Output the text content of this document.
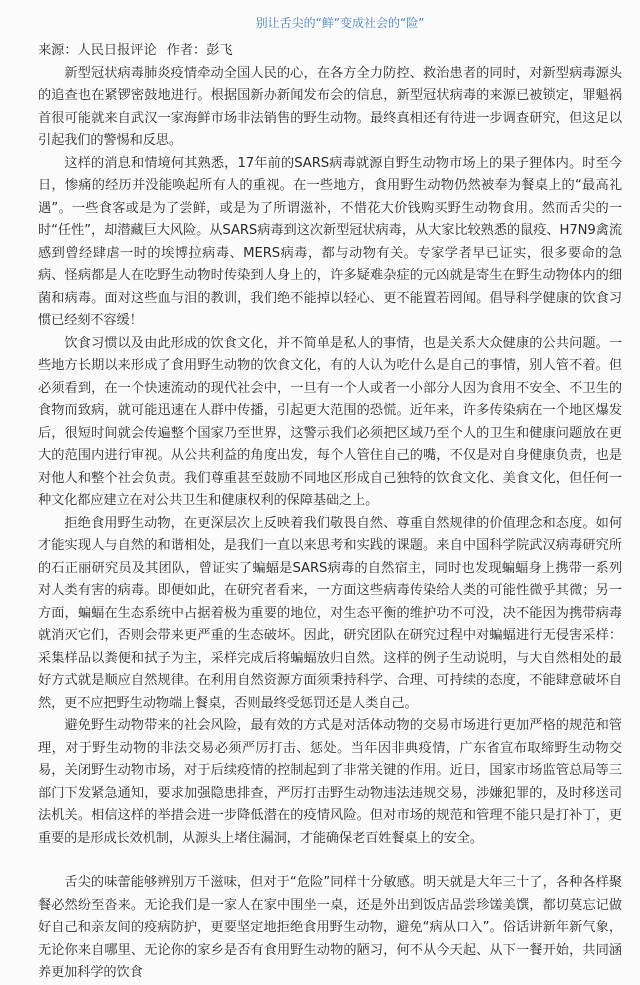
别让舌尖的“鲜”变成社会的“险”
来源：人民日报评论 作者：彭飞

新型冠状病毒肺炎疫情牵动全国人民的心，在各方全力防控、救治患者的同时，对新型病毒源头的追查也在紧锣密鼓地进行。根据国新办新闻发布会的信息，新型冠状病毒的来源已被锁定，罪魁祸首很可能就来自武汉一家海鲜市场非法销售的野生动物。最终真相还有待进一步调查研究，但这足以引起我们的警惕和反思。

这样的消息和情境何其熟悉，17年前的SARS病毒就源自野生动物市场上的果子狸体内。时至今日，惨痛的经历并没能唤起所有人的重视。在一些地方，食用野生动物仍然被奉为餐桌上的“最高礼遇”。一些食客或是为了尝鲜，或是为了所谓滋补，不惜花大价钱购买野生动物食用。然而舌尖的一时“任性”，却潜藏巨大风险。从SARS病毒到这次新型冠状病毒，从大家比较熟悉的鼠疫、H7N9禽流感到曾经肆虐一时的埃博拉病毒、MERS病毒，都与动物有关。专家学者早已证实，很多要命的急病、怪病都是人在吃野生动物时传染到人身上的，许多疑难杂症的元凶就是寄生在野生动物体内的细菌和病毒。面对这些血与泪的教训，我们绝不能掉以轻心、更不能置若罔闻。倡导科学健康的饮食习惯已经刻不容缓！

饮食习惯以及由此形成的饮食文化，并不简单是私人的事情，也是关系大众健康的公共问题。一些地方长期以来形成了食用野生动物的饮食文化，有的人认为吃什么是自己的事情，别人管不着。但必须看到，在一个快速流动的现代社会中，一旦有一个人或者一小部分人因为食用不安全、不卫生的食物而致病，就可能迅速在人群中传播，引起更大范围的恐慌。近年来，许多传染病在一个地区爆发后，很短时间就会传遍整个国家乃至世界，这警示我们必须把区域乃至个人的卫生和健康问题放在更大的范围内进行审视。从公共利益的角度出发，每个人管住自己的嘴，不仅是对自身健康负责，也是对他人和整个社会负责。我们尊重甚至鼓励不同地区形成自己独特的饮食文化、美食文化，但任何一种文化都应建立在对公共卫生和健康权利的保障基础之上。

拒绝食用野生动物，在更深层次上反映着我们敬畏自然、尊重自然规律的价值理念和态度。如何才能实现人与自然的和谐相处，是我们一直以来思考和实践的课题。来自中国科学院武汉病毒研究所的石正丽研究员及其团队，曾证实了蝙蝠是SARS病毒的自然宿主，同时也发现蝙蝠身上携带一系列对人类有害的病毒。即便如此，在研究者看来，一方面这些病毒传染给人类的可能性微乎其微；另一方面，蝙蝠在生态系统中占据着极为重要的地位，对生态平衡的维护功不可没，决不能因为携带病毒就消灭它们，否则会带来更严重的生态破坏。因此，研究团队在研究过程中对蝙蝠进行无侵害采样：采集样品以粪便和拭子为主，采样完成后将蝙蝠放归自然。这样的例子生动说明，与大自然相处的最好方式就是顺应自然规律。在利用自然资源方面须秉持科学、合理、可持续的态度，不能肆意破坏自然，更不应把野生动物端上餐桌，否则最终受惩罚还是人类自己。

避免野生动物带来的社会风险，最有效的方式是对活体动物的交易市场进行更加严格的规范和管理，对于野生动物的非法交易必须严厉打击、惩处。当年因非典疫情，广东省宣布取缔野生动物交易，关闭野生动物市场，对于后续疫情的控制起到了非常关键的作用。近日，国家市场监管总局等三部门下发紧急通知，要求加强隐患排查，严厉打击野生动物违法违规交易，涉嫌犯罪的，及时移送司法机关。相信这样的举措会进一步降低潜在的疫情风险。但对市场的规范和管理不能只是打补丁，更重要的是形成长效机制，从源头上堵住漏洞，才能确保老百姓餐桌上的安全。

舌尖的味蕾能够辨别万千滋味，但对于“危险”同样十分敏感。明天就是大年三十了，各种各样聚餐必然纷至沓来。无论我们是一家人在家中围坐一桌，还是外出到饭店品尝珍馐美馔，都切莫忘记做好自己和亲友间的疫病防护，更要坚定地拒绝食用野生动物，避免“病从口入”。俗话讲新年新气象，无论你来自哪里、无论你的家乡是否有食用野生动物的陋习，何不从今天起、从下一餐开始，共同涵养更加科学的饮食
